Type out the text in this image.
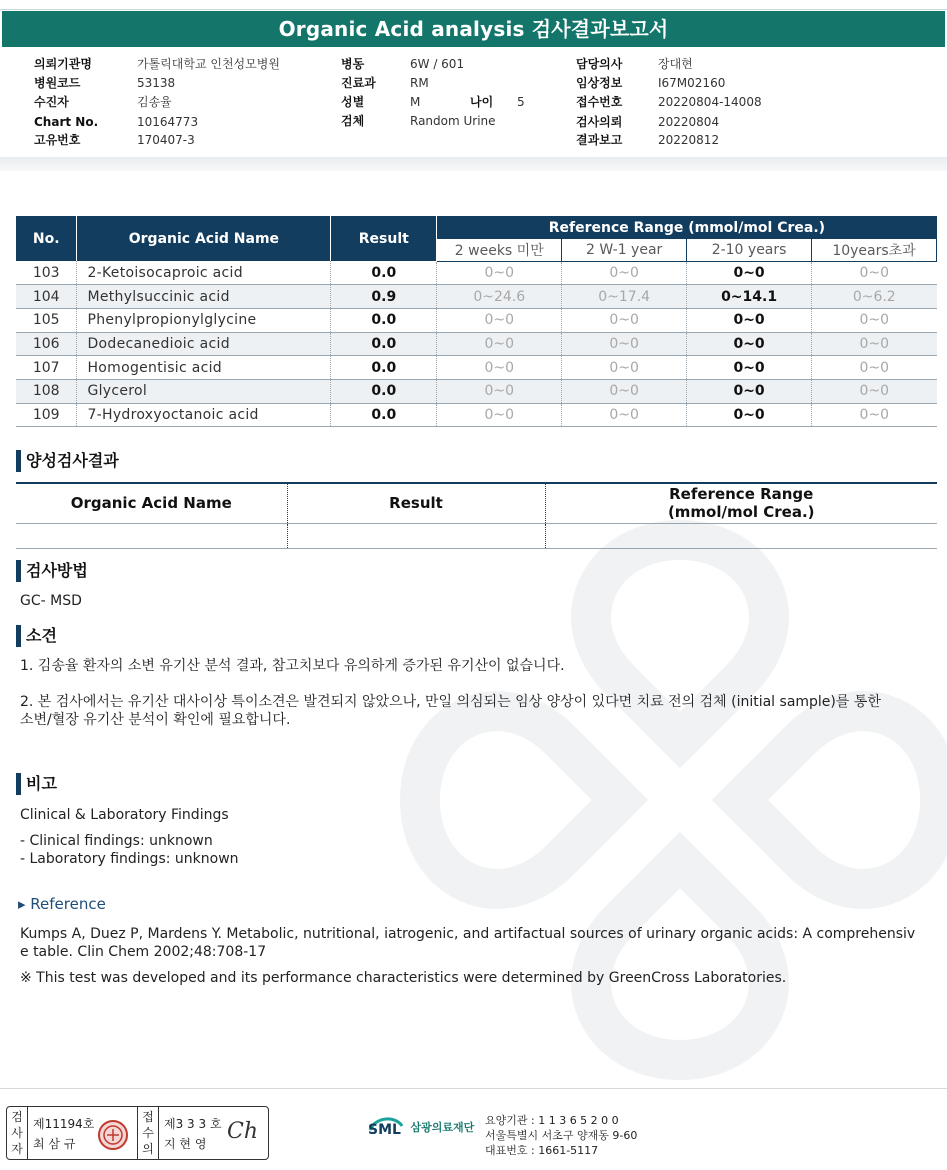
Organic Acid analysis 검사결과보고서
의뢰기관명	가톨릭대학교 인천성모병원
병원코드	53138
수진자	김송율
Chart No.	10164773
고유번호	170407-3
병동	6W / 601
진료과	RM
성별	M	나이 5
검체	Random Urine
담당의사	장대현
임상정보	I67M02160
접수번호	20220804-14008
검사의뢰	20220804
결과보고	20220812
No.	Organic Acid Name	Result	Reference Range (mmol/mol Crea.)			
			2 weeks 미만	2 W-1 year	2-10 years	10years초과
103	2-Ketoisocaproic acid	0.0	0~0	0~0	0~0	0~0
104	Methylsuccinic acid	0.9	0~24.6	0~17.4	0~14.1	0~6.2
105	Phenylpropionylglycine	0.0	0~0	0~0	0~0	0~0
106	Dodecanedioic acid	0.0	0~0	0~0	0~0	0~0
107	Homogentisic acid	0.0	0~0	0~0	0~0	0~0
108	Glycerol	0.0	0~0	0~0	0~0	0~0
109	7-Hydroxyoctanoic acid	0.0	0~0	0~0	0~0	0~0
양성검사결과
Organic Acid Name	Result	Reference Range
(mmol/mol Crea.)

검사방법
GC- MSD
소견
1. 김송율 환자의 소변 유기산 분석 결과, 참고치보다 유의하게 증가된 유기산이 없습니다.
2. 본 검사에서는 유기산 대사이상 특이소견은 발견되지 않았으나, 만일 의심되는 임상 양상이 있다면 치료 전의 검체 (initial sample)를 통한
소변/혈장 유기산 분석이 확인에 필요합니다.
비고
Clinical & Laboratory Findings
- Clinical findings: unknown
- Laboratory findings: unknown
▸ Reference
Kumps A, Duez P, Mardens Y. Metabolic, nutritional, iatrogenic, and artifactual sources of urinary organic acids: A comprehensiv
e table. Clin Chem 2002;48:708-17
※ This test was developed and its performance characteristics were determined by GreenCross Laboratories.
검사자
제11194호
최 삼 규
접수의
제3 3 3 호
지 현 영 Ch
	SML 삼광의료재단
요양기관 : 1 1 3 6 5 2 0 0
서울특별시 서초구 양재동 9-60
대표번호 : 1661-5117
